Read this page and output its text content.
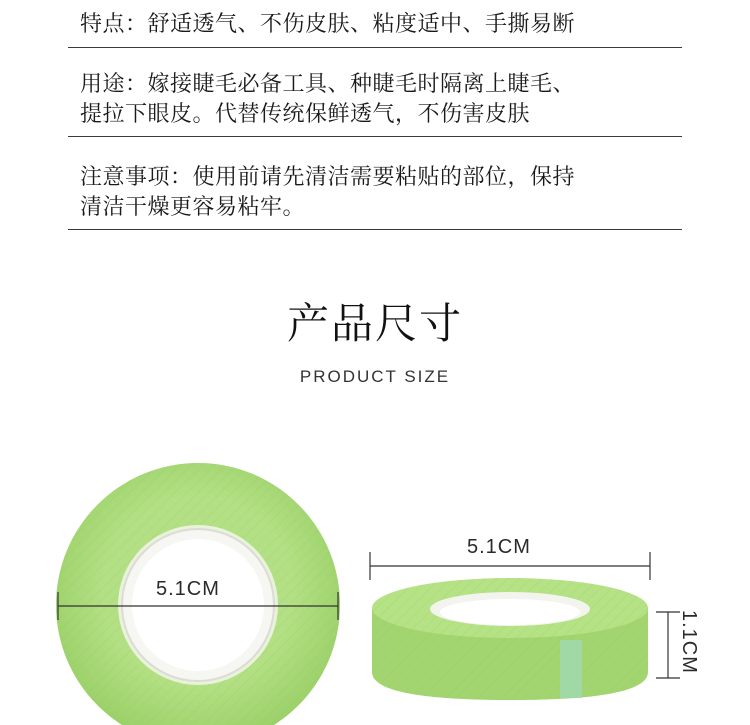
特点：舒适透气、不伤皮肤、粘度适中、手撕易断
用途：嫁接睫毛必备工具、种睫毛时隔离上睫毛、
提拉下眼皮。代替传统保鲜透气，不伤害皮肤
注意事项：使用前请先清洁需要粘贴的部位，保持
清洁干燥更容易粘牢。
产品尺寸
PRODUCT SIZE
5.1CM
5.1CM
1.1CM
